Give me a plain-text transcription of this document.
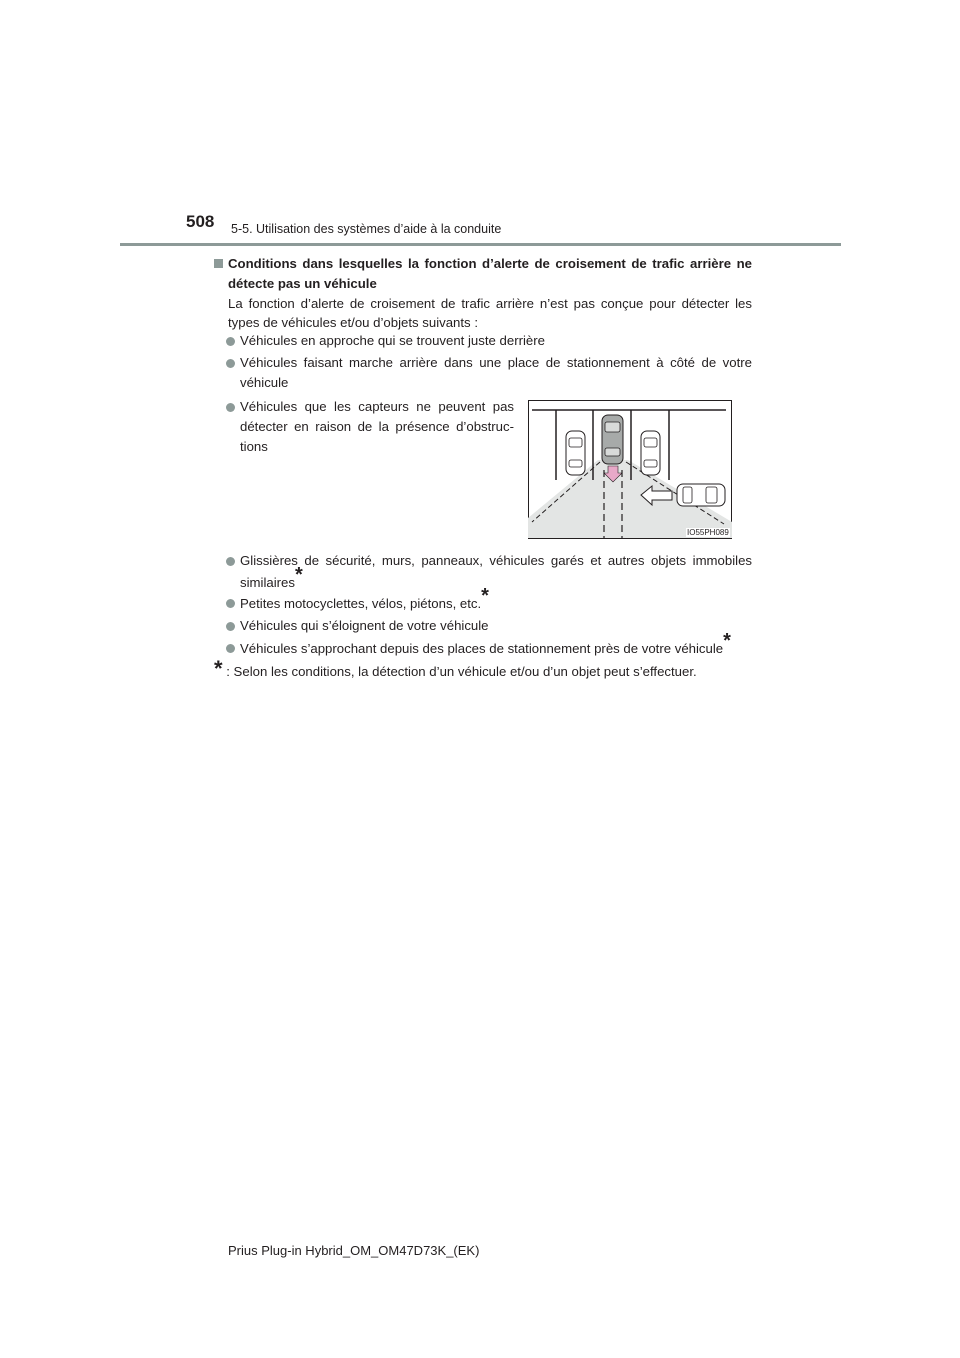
508 5-5. Utilisation des systèmes d’aide à la conduite
Conditions dans lesquelles la fonction d’alerte de croisement de trafic arrière ne détecte pas un véhicule
La fonction d’alerte de croisement de trafic arrière n’est pas conçue pour détecter les types de véhicules et/ou d’objets suivants :
Véhicules en approche qui se trouvent juste derrière
Véhicules faisant marche arrière dans une place de stationnement à côté de votre véhicule
Véhicules que les capteurs ne peuvent pas détecter en raison de la présence d’obstruc-tions
IO55PH089
Glissières de sécurité, murs, panneaux, véhicules garés et autres objets immobiles similaires*
Petites motocyclettes, vélos, piétons, etc.*
Véhicules qui s’éloignent de votre véhicule
Véhicules s’approchant depuis des places de stationnement près de votre véhicule*
* : Selon les conditions, la détection d’un véhicule et/ou d’un objet peut s’effectuer.
Prius Plug-in Hybrid_OM_OM47D73K_(EK)
